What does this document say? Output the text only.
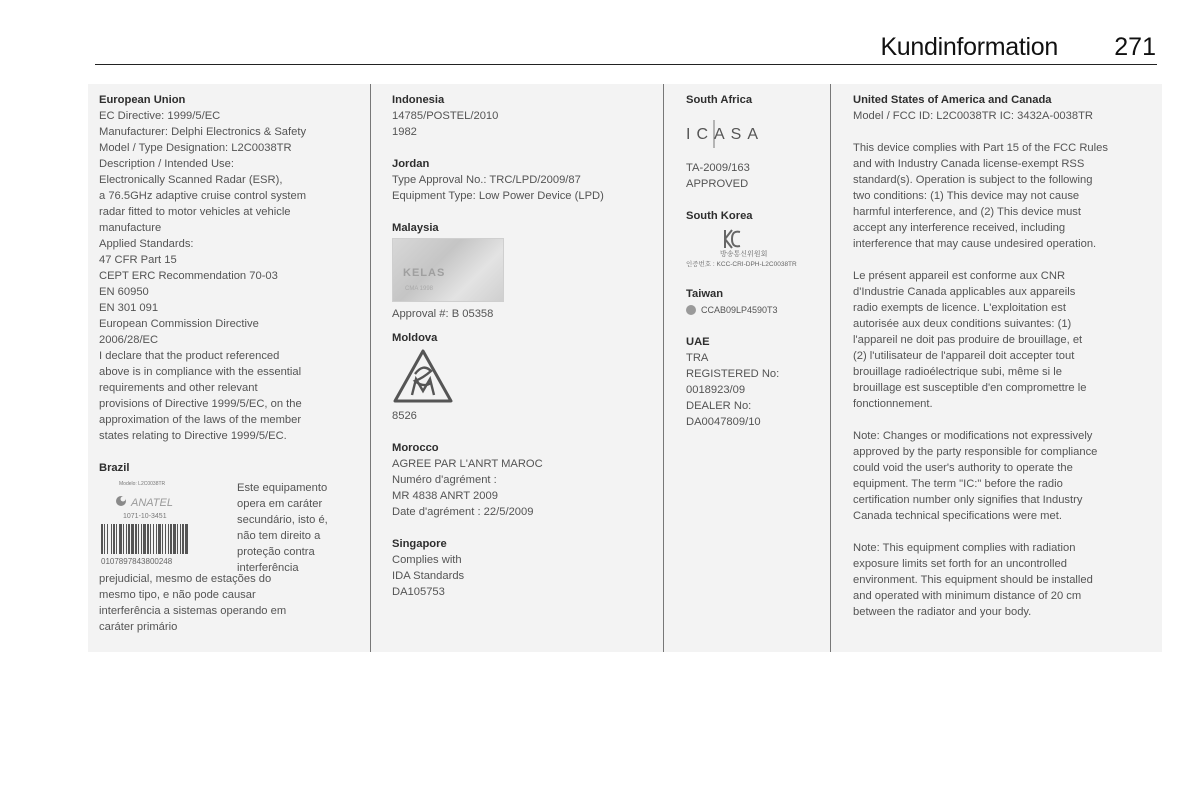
Kundinformation	271

European Union

EC Directive: 1999/5/EC

Manufacturer: Delphi Electronics & Safety

Model / Type Designation: L2C0038TR

Description / Intended Use:

Electronically Scanned Radar (ESR),

a 76.5GHz adaptive cruise control system

radar fitted to motor vehicles at vehicle

manufacture

Applied Standards:

47 CFR Part 15

CEPT ERC Recommendation 70-03

EN 60950

EN 301 091

European Commission Directive

2006/28/EC

I declare that the product referenced

above is in compliance with the essential

requirements and other relevant

provisions of Directive 1999/5/EC, on the

approximation of the laws of the member

states relating to Directive 1999/5/EC.

Brazil

Modelo: L2C0038TR
ANATEL
1071-10-3451
0107897843800248

Este equipamento

opera em caráter

secundário, isto é,

não tem direito a

proteção contra

interferência

prejudicial, mesmo de estações do

mesmo tipo, e não pode causar

interferência a sistemas operando em

caráter primário

Indonesia

14785/POSTEL/2010

1982

Jordan

Type Approval No.: TRC/LPD/2009/87

Equipment Type: Low Power Device (LPD)

Malaysia

KELAS
CMA 1998

Approval #: B 05358

Moldova

8526

Morocco

AGREE PAR L'ANRT MAROC

Numéro d'agrément :

MR 4838 ANRT 2009

Date d'agrément : 22/5/2009

Singapore

Complies with

IDA Standards

DA105753

South Africa

ICASA

TA-2009/163

APPROVED

South Korea

방송통신위원회
인증번호 : KCC-CRI-DPH-L2C0038TR

Taiwan

CCAB09LP4590T3

UAE

TRA

REGISTERED No:

0018923/09

DEALER No:

DA0047809/10

United States of America and Canada

Model / FCC ID: L2C0038TR IC: 3432A-0038TR

This device complies with Part 15 of the FCC Rules

and with Industry Canada license-exempt RSS

standard(s). Operation is subject to the following

two conditions: (1) This device may not cause

harmful interference, and (2) This device must

accept any interference received, including

interference that may cause undesired operation.

Le présent appareil est conforme aux CNR

d'Industrie Canada applicables aux appareils

radio exempts de licence. L'exploitation est

autorisée aux deux conditions suivantes: (1)

l'appareil ne doit pas produire de brouillage, et

(2) l'utilisateur de l'appareil doit accepter tout

brouillage radioélectrique subi, même si le

brouillage est susceptible d'en compromettre le

fonctionnement.

Note: Changes or modifications not expressively

approved by the party responsible for compliance

could void the user's authority to operate the

equipment. The term "IC:" before the radio

certification number only signifies that Industry

Canada technical specifications were met.

Note: This equipment complies with radiation

exposure limits set forth for an uncontrolled

environment. This equipment should be installed

and operated with minimum distance of 20 cm

between the radiator and your body.
